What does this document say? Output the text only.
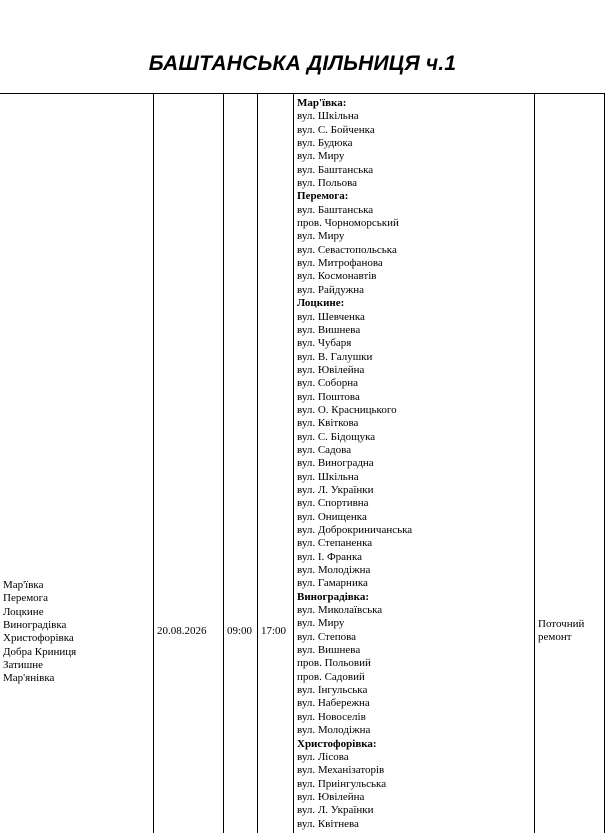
БАШТАНСЬКА ДІЛЬНИЦЯ ч.1
Мар'ївка
Перемога
Лоцкине
Виноградівка
Христофорівка
Добра Криниця
Затишне
Мар'янівка
20.08.2026 09:00 17:00
Поточний
ремонт
Мар'ївка:
вул. Шкільна
вул. С. Бойченка
вул. Будюка
вул. Миру
вул. Баштанська
вул. Польова
Перемога:
вул. Баштанська
пров. Чорноморський
вул. Миру
вул. Севастопольська
вул. Митрофанова
вул. Космонавтів
вул. Райдужна
Лоцкине:
вул. Шевченка
вул. Вишнева
вул. Чубаря
вул. В. Галушки
вул. Ювілейна
вул. Соборна
вул. Поштова
вул. О. Красницького
вул. Квіткова
вул. С. Бідощука
вул. Садова
вул. Виноградна
вул. Шкільна
вул. Л. Українки
вул. Спортивна
вул. Онищенка
вул. Доброкриничанська
вул. Степаненка
вул. І. Франка
вул. Молодіжна
вул. Гамарника
Виноградівка:
вул. Миколаївська
вул. Миру
вул. Степова
вул. Вишнева
пров. Польовий
пров. Садовий
вул. Інгульська
вул. Набережна
вул. Новоселів
вул. Молодіжна
Христофорівка:
вул. Лісова
вул. Механізаторів
вул. Приінгульська
вул. Ювілейна
вул. Л. Українки
вул. Квітнева
